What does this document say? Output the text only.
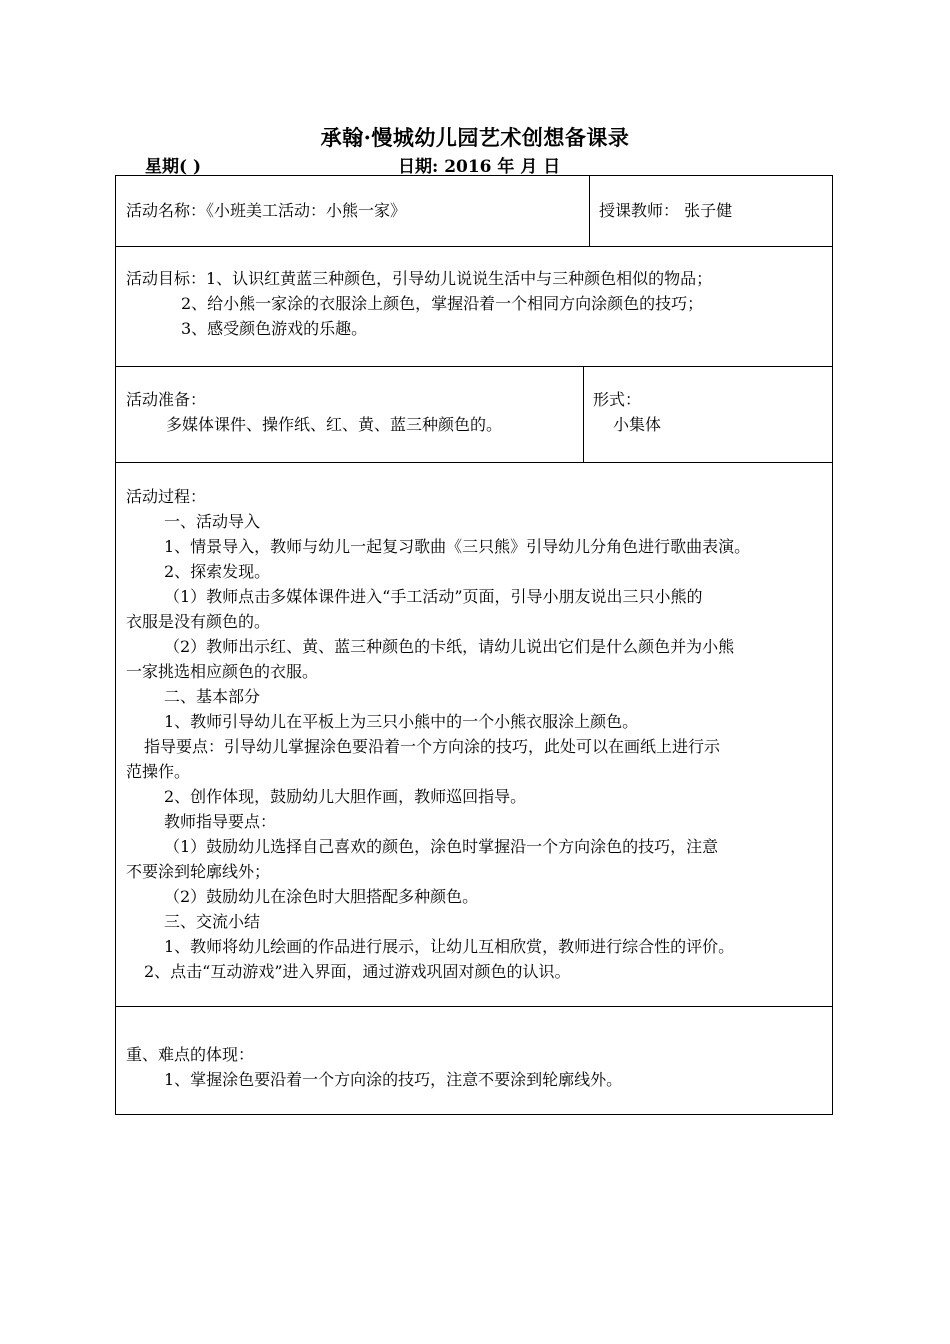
承翰·慢城幼儿园艺术创想备课录
星期( )	日期: 2016 年 月 日
活动名称：《小班美工活动：小熊一家》	授课教师： 张子健
活动目标：1、认识红黄蓝三种颜色，引导幼儿说说生活中与三种颜色相似的物品；
2、给小熊一家涂的衣服涂上颜色，掌握沿着一个相同方向涂颜色的技巧；
3、感受颜色游戏的乐趣。
活动准备：
多媒体课件、操作纸、红、黄、蓝三种颜色的。
形式：
小集体
活动过程：
一、活动导入
1、情景导入，教师与幼儿一起复习歌曲《三只熊》引导幼儿分角色进行歌曲表演。
2、探索发现。
（1）教师点击多媒体课件进入“手工活动”页面，引导小朋友说出三只小熊的
衣服是没有颜色的。
（2）教师出示红、黄、蓝三种颜色的卡纸，请幼儿说出它们是什么颜色并为小熊
一家挑选相应颜色的衣服。
二、基本部分
1、教师引导幼儿在平板上为三只小熊中的一个小熊衣服涂上颜色。
指导要点：引导幼儿掌握涂色要沿着一个方向涂的技巧，此处可以在画纸上进行示
范操作。
2、创作体现，鼓励幼儿大胆作画，教师巡回指导。
教师指导要点：
（1）鼓励幼儿选择自己喜欢的颜色，涂色时掌握沿一个方向涂色的技巧，注意
不要涂到轮廓线外；
（2）鼓励幼儿在涂色时大胆搭配多种颜色。
三、交流小结
1、教师将幼儿绘画的作品进行展示，让幼儿互相欣赏，教师进行综合性的评价。
2、点击“互动游戏”进入界面，通过游戏巩固对颜色的认识。
重、难点的体现：
1、掌握涂色要沿着一个方向涂的技巧，注意不要涂到轮廓线外。
